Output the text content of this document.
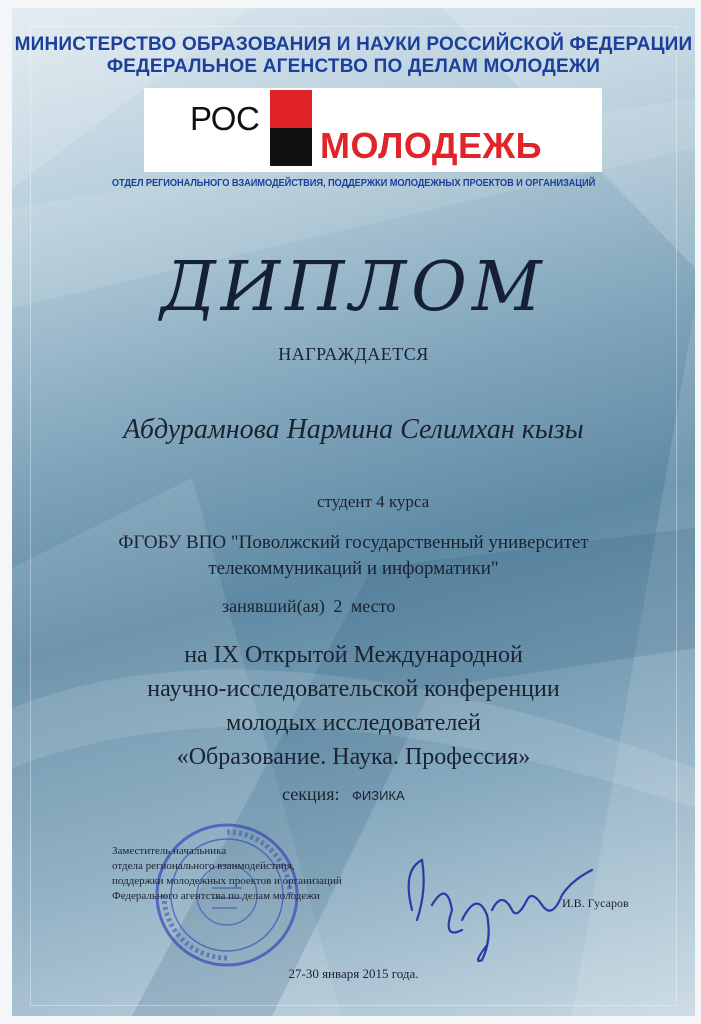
МИНИСТЕРСТВО ОБРАЗОВАНИЯ И НАУКИ РОССИЙСКОЙ ФЕДЕРАЦИИ
ФЕДЕРАЛЬНОЕ АГЕНСТВО ПО ДЕЛАМ МОЛОДЕЖИ
РОС
МОЛОДЕЖЬ
ОТДЕЛ РЕГИОНАЛЬНОГО ВЗАИМОДЕЙСТВИЯ, ПОДДЕРЖКИ МОЛОДЕЖНЫХ ПРОЕКТОВ И ОРГАНИЗАЦИЙ
ДИПЛОМ
НАГРАЖДАЕТСЯ
Абдурамнова Нармина Селимхан кызы
студент 4 курса
ФГОБУ ВПО "Поволжский государственный университет
телекоммуникаций и информатики"
занявший(ая) 2 место
на IX Открытой Международной
научно-исследовательской конференции
молодых исследователей
«Образование. Наука. Профессия»
секция: ФИЗИКА
Заместитель начальника
отдела регионального взаимодействия,
поддержки молодежных проектов и организаций
Федерального агентства по делам молодежи	И.В. Гусаров
27-30 января 2015 года.
